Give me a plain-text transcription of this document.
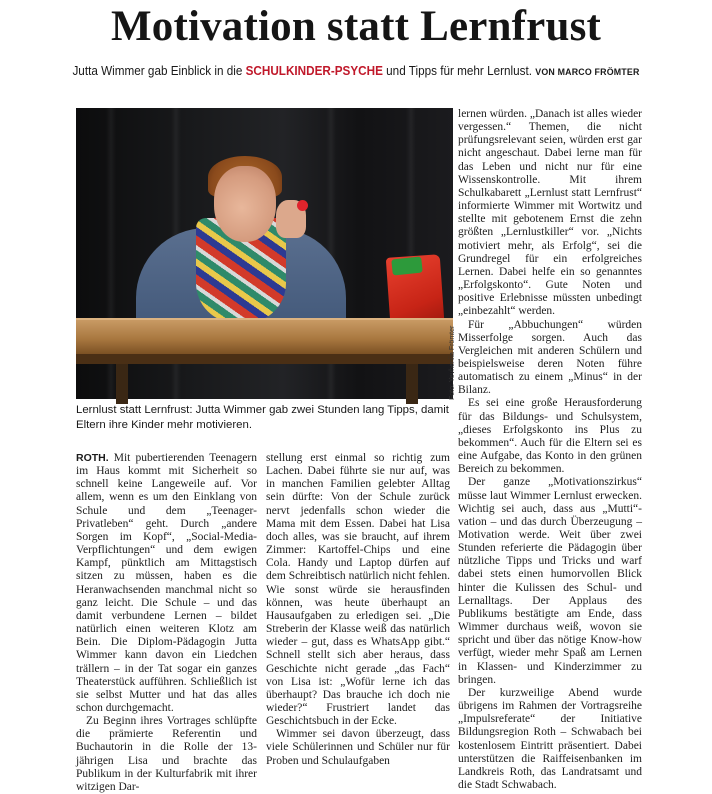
Motivation statt Lernfrust
Jutta Wimmer gab Einblick in die SCHULKINDER-PSYCHE und Tipps für mehr Lernlust. VON MARCO FRÖMTER
Foto: Yevheniia Frömter
Lernlust statt Lernfrust: Jutta Wimmer gab zwei Stunden lang Tipps, damit Eltern ihre Kinder mehr motivieren.

ROTH. Mit pubertierenden Teenagern im Haus kommt mit Sicherheit so schnell keine Langeweile auf. Vor allem, wenn es um den Einklang von Schule und dem „Teenager-Privatleben“ geht. Durch „andere Sorgen im Kopf“, „Social-Media-Verpflichtungen“ und dem ewigen Kampf, pünktlich am Mittagstisch sitzen zu müssen, haben es die Heranwachsenden manchmal nicht so ganz leicht. Die Schule – und das damit verbundene Lernen – bildet natürlich einen weiteren Klotz am Bein. Die Diplom-Pädagogin Jutta Wimmer kann davon ein Liedchen trällern – in der Tat sogar ein ganzes Theaterstück aufführen. Schließlich ist sie selbst Mutter und hat das alles schon durchgemacht.

Zu Beginn ihres Vortrages schlüpfte die prämierte Referentin und Buchautorin in die Rolle der 13-jährigen Lisa und brachte das Publikum in der Kulturfabrik mit ihrer witzigen Dar-

stellung erst einmal so richtig zum Lachen. Dabei führte sie nur auf, was in manchen Familien gelebter Alltag sein dürfte: Von der Schule zurück nervt jedenfalls schon wieder die Mama mit dem Essen. Dabei hat Lisa doch alles, was sie braucht, auf ihrem Zimmer: Kartoffel-Chips und eine Cola. Handy und Laptop dürfen auf dem Schreibtisch natürlich nicht fehlen. Wie sonst würde sie herausfinden können, was heute überhaupt an Hausaufgaben zu erledigen sei. „Die Streberin der Klasse weiß das natürlich wieder – gut, dass es WhatsApp gibt.“ Schnell stellt sich aber heraus, dass Geschichte nicht gerade „das Fach“ von Lisa ist: „Wofür lerne ich das überhaupt? Das brauche ich doch nie wieder?“ Frustriert landet das Geschichtsbuch in der Ecke.

Wimmer sei davon überzeugt, dass viele Schülerinnen und Schüler nur für Proben und Schulaufgaben

lernen würden. „Danach ist alles wieder vergessen.“ Themen, die nicht prüfungsrelevant seien, würden erst gar nicht angeschaut. Dabei lerne man für das Leben und nicht nur für eine Wissenskontrolle. Mit ihrem Schulkabarett „Lernlust statt Lernfrust“ informierte Wimmer mit Wortwitz und stellte mit gebotenem Ernst die zehn größten „Lernlustkiller“ vor. „Nichts motiviert mehr, als Erfolg“, sei die Grundregel für ein erfolgreiches Lernen. Dabei helfe ein so genanntes „Erfolgskonto“. Gute Noten und positive Erlebnisse müssten unbedingt „einbezahlt“ werden.

Für „Abbuchungen“ würden Misserfolge sorgen. Auch das Vergleichen mit anderen Schülern und beispielsweise deren Noten führe automatisch zu einem „Minus“ in der Bilanz.

Es sei eine große Herausforderung für das Bildungs- und Schulsystem, „dieses Erfolgskonto ins Plus zu bekommen“. Auch für die Eltern sei es eine Aufgabe, das Konto in den grünen Bereich zu bekommen.

Der ganze „Motivationszirkus“ müsse laut Wimmer Lernlust erwecken. Wichtig sei auch, dass aus „Mutti“-vation – und das durch Überzeugung – Motivation werde. Weit über zwei Stunden referierte die Pädagogin über nützliche Tipps und Tricks und warf dabei stets einen humorvollen Blick hinter die Kulissen des Schul- und Lernalltags. Der Applaus des Publikums bestätigte am Ende, dass Wimmer durchaus weiß, wovon sie spricht und über das nötige Know-how verfügt, wieder mehr Spaß am Lernen in Klassen- und Kinderzimmer zu bringen.

Der kurzweilige Abend wurde übrigens im Rahmen der Vortragsreihe „Impulsreferate“ der Initiative Bildungsregion Roth – Schwabach bei kostenlosem Eintritt präsentiert. Dabei unterstützen die Raiffeisenbanken im Landkreis Roth, das Landratsamt und die Stadt Schwabach.
